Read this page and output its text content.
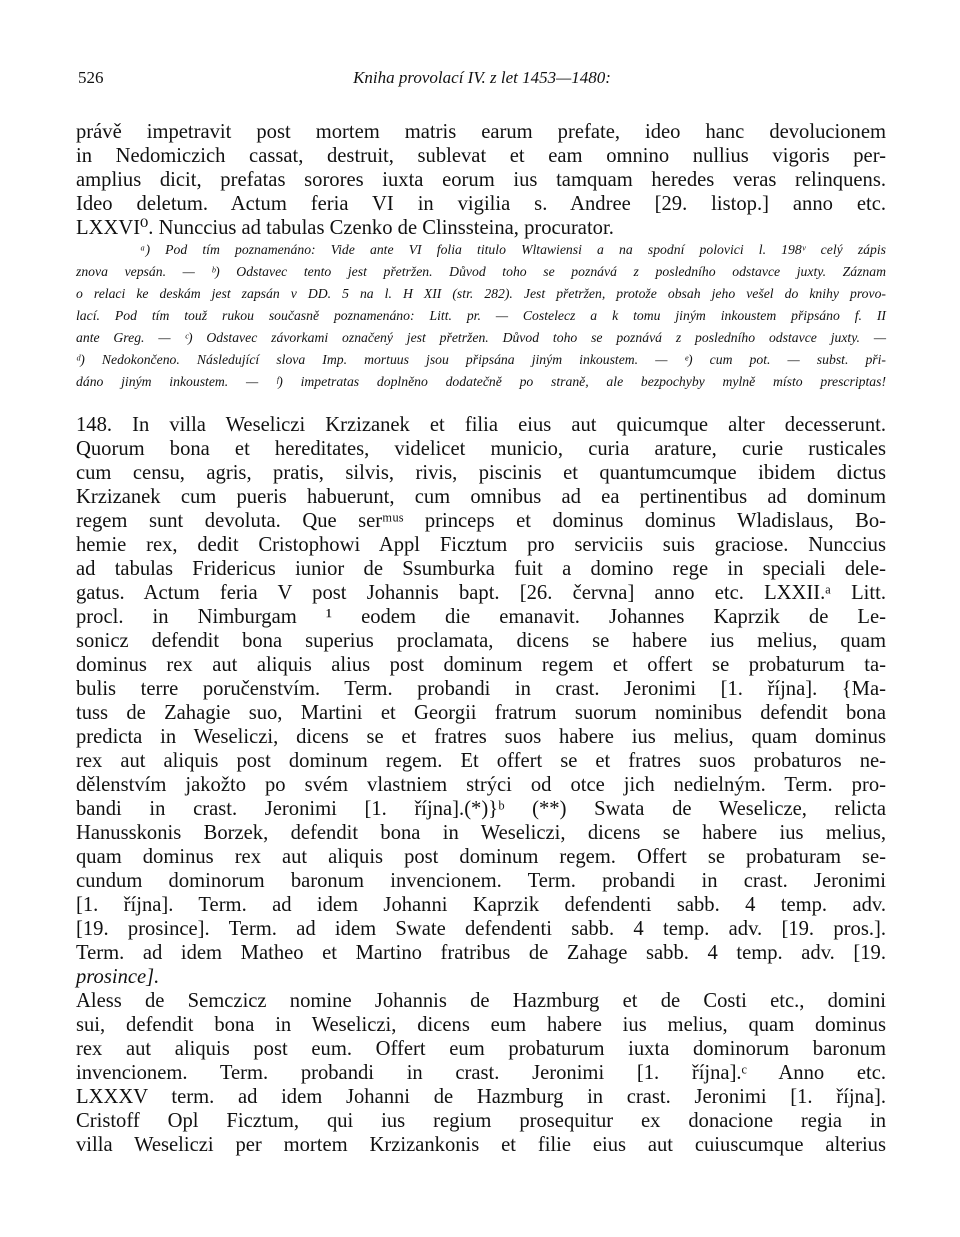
526	Kniha provolací IV. z let 1453—1480:
právě impetravit post mortem matris earum prefate, ideo hanc devolucionem
in Nedomiczich cassat, destruit, sublevat et eam omnino nullius vigoris per-
amplius dicit, prefatas sorores iuxta eorum ius tamquam heredes veras relinquens.
Ideo deletum. Actum feria VI in vigilia s. Andree [29. listop.] anno etc.
LXXVI⁰. Nunccius ad tabulas Czenko de Clinssteina, procurator.
ᵃ) Pod tím poznamenáno: Vide ante VI folia titulo Wltawiensi a na spodní polovici l. 198ᵛ celý zápis
znova vepsán. — ᵇ) Odstavec tento jest přetržen. Důvod toho se poznává z posledního odstavce juxty. Záznam
o relaci ke deskám jest zapsán v DD. 5 na l. H XII (str. 282). Jest přetržen, protože obsah jeho vešel do knihy provo-
lací. Pod tím touž rukou současně poznamenáno: Litt. pr. — Costelecz a k tomu jiným inkoustem připsáno f. II
ante Greg. — ᶜ) Odstavec závorkami označený jest přetržen. Důvod toho se poznává z posledního odstavce juxty. —
ᵈ) Nedokončeno. Následující slova Imp. mortuus jsou připsána jiným inkoustem. — ᵉ) cum pot. — subst. při-
dáno jiným inkoustem. — ᶠ) impetratas doplněno dodatečně po straně, ale bezpochyby mylně místo prescriptas!
148. In villa Weseliczi Krzizanek et filia eius aut quicumque alter decesserunt.
Quorum bona et hereditates, videlicet municio, curia arature, curie rusticales
cum censu, agris, pratis, silvis, rivis, piscinis et quantumcumque ibidem dictus
Krzizanek cum pueris habuerunt, cum omnibus ad ea pertinentibus ad dominum
regem sunt devoluta. Que serᵐᵘˢ princeps et dominus dominus Wladislaus, Bo-
hemie rex, dedit Cristophowi Appl Ficztum pro serviciis suis graciose. Nunccius
ad tabulas Fridericus iunior de Ssumburka fuit a domino rege in speciali dele-
gatus. Actum feria V post Johannis bapt. [26. června] anno etc. LXXII.ᵃ Litt.
procl. in Nimburgam ¹ eodem die emanavit. Johannes Kaprzik de Le-
sonicz defendit bona superius proclamata, dicens se habere ius melius, quam
dominus rex aut aliquis alius post dominum regem et offert se probaturum ta-
bulis terre poručenstvím. Term. probandi in crast. Jeronimi [1. října]. {Ma-
tuss de Zahagie suo, Martini et Georgii fratrum suorum nominibus defendit bona
predicta in Weseliczi, dicens se et fratres suos habere ius melius, quam dominus
rex aut aliquis post dominum regem. Et offert se et fratres suos probaturos ne-
dělenstvím jakožto po svém vlastniem strýci od otce jich nedielným. Term. pro-
bandi in crast. Jeronimi [1. října].(*)}ᵇ (**) Swata de Weselicze, relicta
Hanusskonis Borzek, defendit bona in Weseliczi, dicens se habere ius melius,
quam dominus rex aut aliquis post dominum regem. Offert se probaturam se-
cundum dominorum baronum invencionem. Term. probandi in crast. Jeronimi
[1. října]. Term. ad idem Johanni Kaprzik defendenti sabb. 4 temp. adv.
[19. prosince]. Term. ad idem Swate defendenti sabb. 4 temp. adv. [19. pros.].
Term. ad idem Matheo et Martino fratribus de Zahage sabb. 4 temp. adv. [19.
prosince].
Aless de Semczicz nomine Johannis de Hazmburg et de Costi etc., domini
sui, defendit bona in Weseliczi, dicens eum habere ius melius, quam dominus
rex aut aliquis post eum. Offert eum probaturum iuxta dominorum baronum
invencionem. Term. probandi in crast. Jeronimi [1. října].ᶜ Anno etc.
LXXXV term. ad idem Johanni de Hazmburg in crast. Jeronimi [1. října].
Cristoff Opl Ficztum, qui ius regium prosequitur ex donacione regia in
villa Weseliczi per mortem Krzizankonis et filie eius aut cuiuscumque alterius
